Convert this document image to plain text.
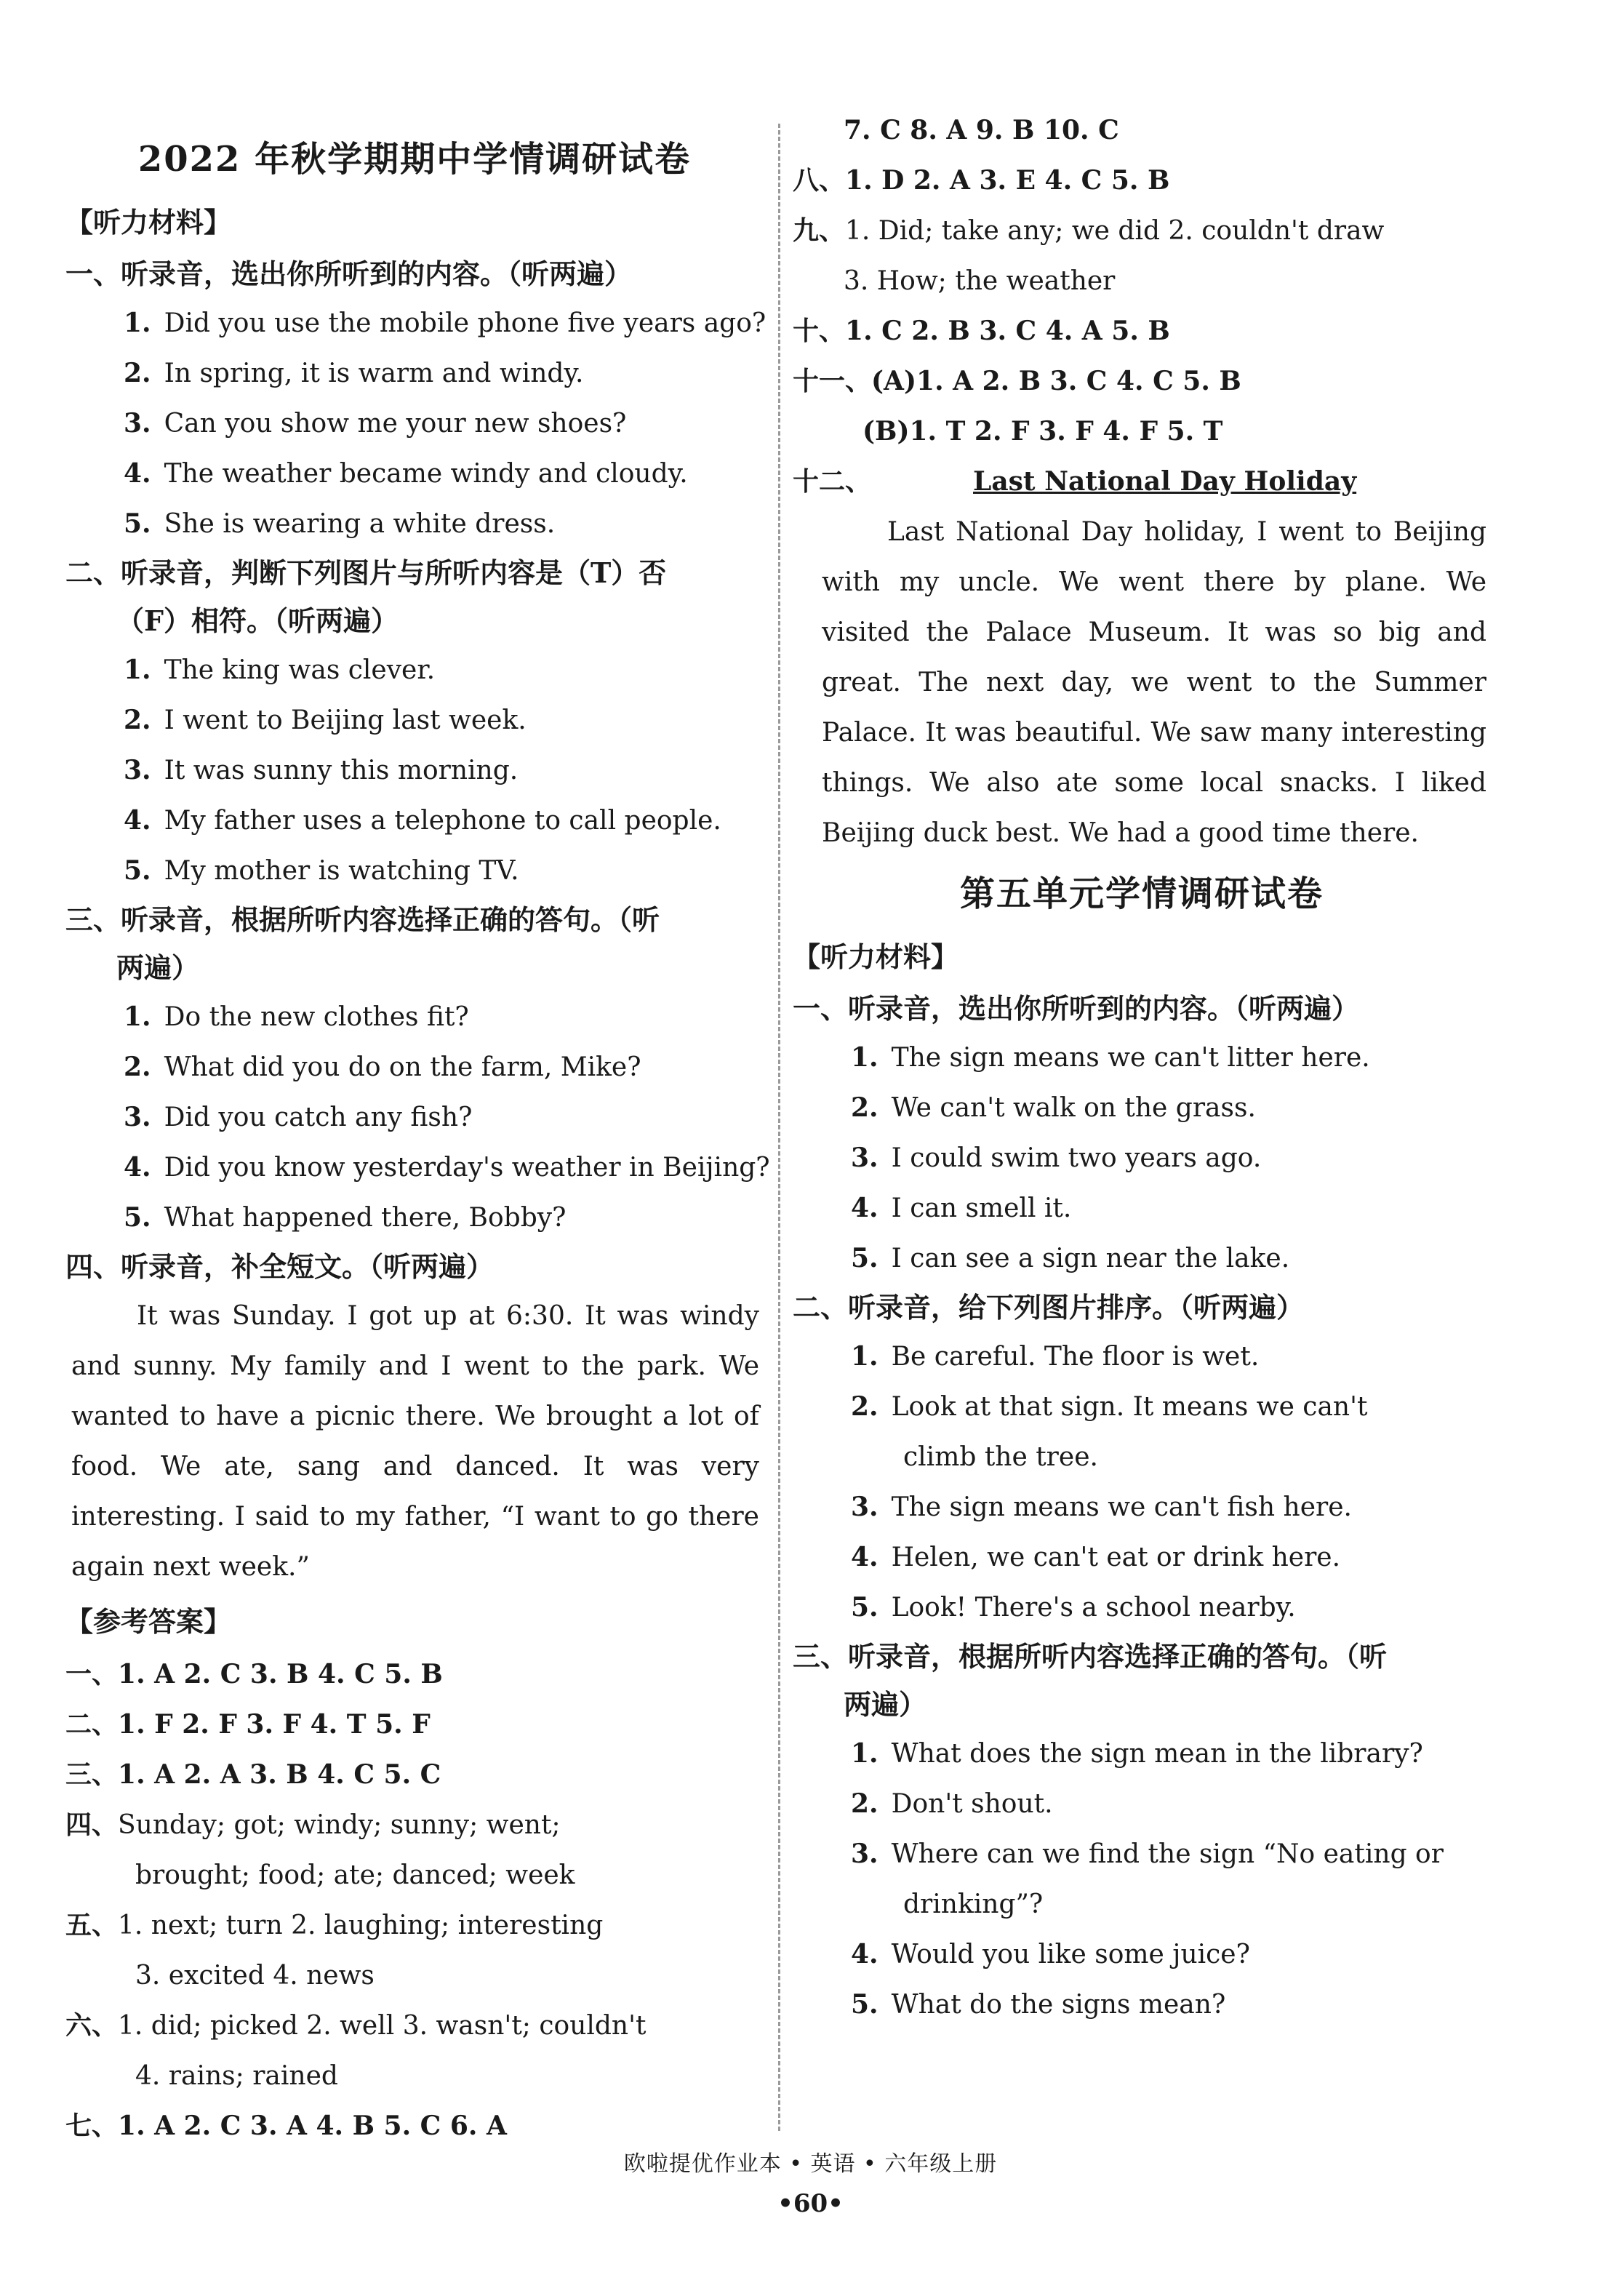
2022 年秋学期期中学情调研试卷
【听力材料】
一、听录音，选出你所听到的内容。（听两遍）
1. Did you use the mobile phone five years ago?
2. In spring, it is warm and windy.
3. Can you show me your new shoes?
4. The weather became windy and cloudy.
5. She is wearing a white dress.
二、听录音，判断下列图片与所听内容是（T）否
（F）相符。（听两遍）
1. The king was clever.
2. I went to Beijing last week.
3. It was sunny this morning.
4. My father uses a telephone to call people.
5. My mother is watching TV.
三、听录音，根据所听内容选择正确的答句。（听
两遍）
1. Do the new clothes fit?
2. What did you do on the farm, Mike?
3. Did you catch any fish?
4. Did you know yesterday's weather in Beijing?
5. What happened there, Bobby?
四、听录音，补全短文。（听两遍）
It was Sunday. I got up at 6:30. It was windy and sunny. My family and I went to the park. We wanted to have a picnic there. We brought a lot of food. We ate, sang and danced. It was very interesting. I said to my father, “I want to go there again next week.”
【参考答案】
一、1. A 2. C 3. B 4. C 5. B
二、1. F 2. F 3. F 4. T 5. F
三、1. A 2. A 3. B 4. C 5. C
四、Sunday; got; windy; sunny; went;
brought; food; ate; danced; week
五、1. next; turn 2. laughing; interesting
3. excited 4. news
六、1. did; picked 2. well 3. wasn't; couldn't
4. rains; rained
七、1. A 2. C 3. A 4. B 5. C 6. A
7. C 8. A 9. B 10. C
八、1. D 2. A 3. E 4. C 5. B
九、1. Did; take any; we did 2. couldn't draw
3. How; the weather
十、1. C 2. B 3. C 4. A 5. B
十一、(A)1. A 2. B 3. C 4. C 5. B
(B)1. T 2. F 3. F 4. F 5. T
十二、	Last National Day Holiday
Last National Day holiday, I went to Beijing with my uncle. We went there by plane. We visited the Palace Museum. It was so big and great. The next day, we went to the Summer Palace. It was beautiful. We saw many interesting things. We also ate some local snacks. I liked Beijing duck best. We had a good time there.
第五单元学情调研试卷
【听力材料】
一、听录音，选出你所听到的内容。（听两遍）
1. The sign means we can't litter here.
2. We can't walk on the grass.
3. I could swim two years ago.
4. I can smell it.
5. I can see a sign near the lake.
二、听录音，给下列图片排序。（听两遍）
1. Be careful. The floor is wet.
2. Look at that sign. It means we can't
climb the tree.
3. The sign means we can't fish here.
4. Helen, we can't eat or drink here.
5. Look! There's a school nearby.
三、听录音，根据所听内容选择正确的答句。（听
两遍）
1. What does the sign mean in the library?
2. Don't shout.
3. Where can we find the sign “No eating or
drinking”?
4. Would you like some juice?
5. What do the signs mean?
欧啦提优作业本 • 英语 • 六年级上册
•60•
